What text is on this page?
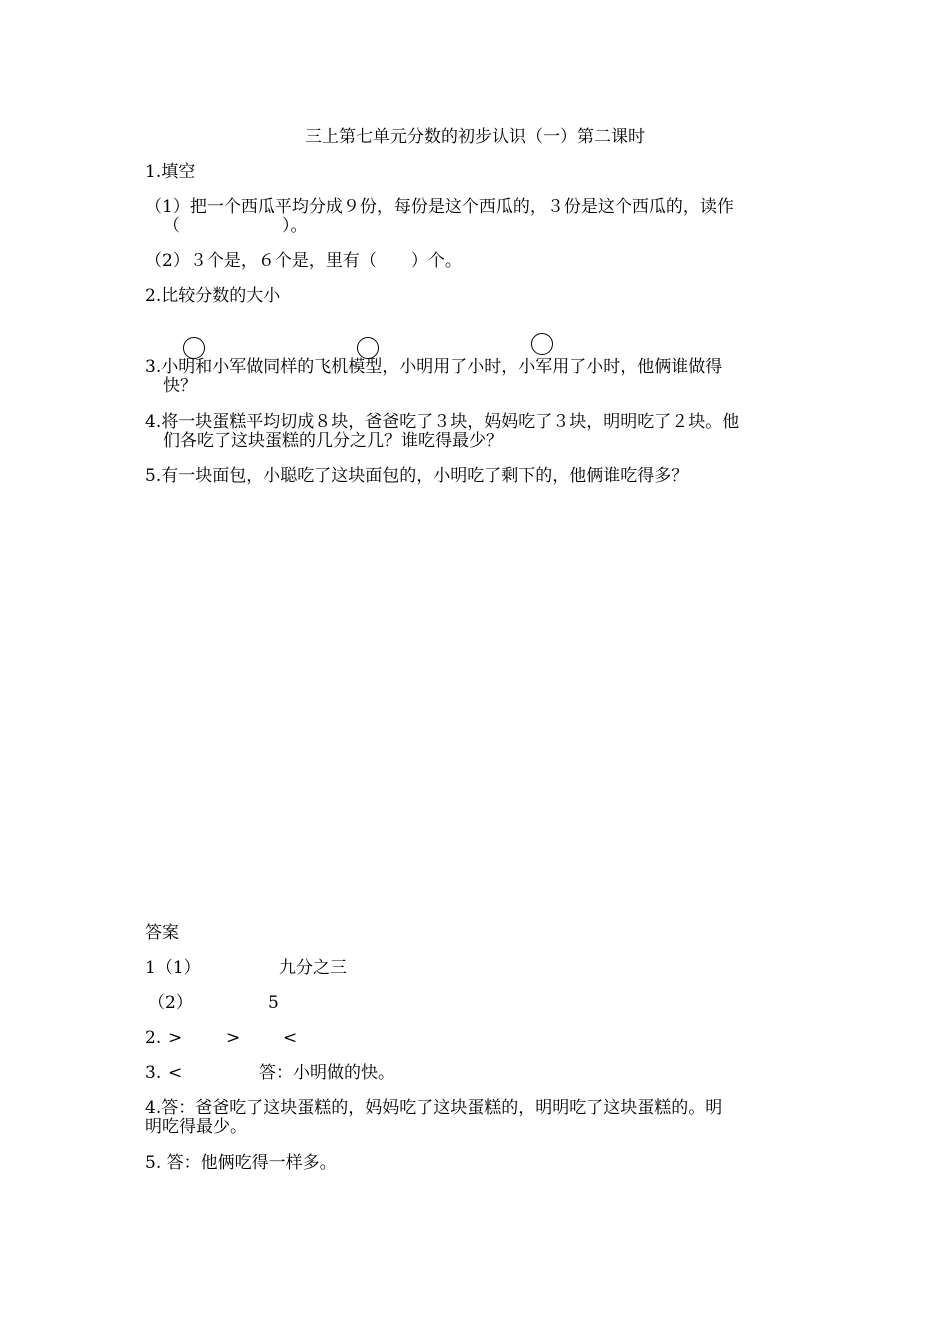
三上第七单元分数的初步认识（一）第二课时
1.填空
（1）把一个西瓜平均分成９份，每份是这个西瓜的，３份是这个西瓜的，读作
（　　　　　　）。
（2）３个是，６个是，里有（　　）个。
2.比较分数的大小
3.小明和小军做同样的飞机模型，小明用了小时，小军用了小时，他俩谁做得
快？
4.将一块蛋糕平均切成８块，爸爸吃了３块，妈妈吃了３块，明明吃了２块。他
们各吃了这块蛋糕的几分之几？谁吃得最少？
5.有一块面包，小聪吃了这块面包的，小明吃了剩下的，他俩谁吃得多？
答案
1（1）	九分之三
（2）	5
2. >	>	<
3. <	答：小明做的快。
4.答：爸爸吃了这块蛋糕的，妈妈吃了这块蛋糕的，明明吃了这块蛋糕的。明
明吃得最少。
5. 答：他俩吃得一样多。
